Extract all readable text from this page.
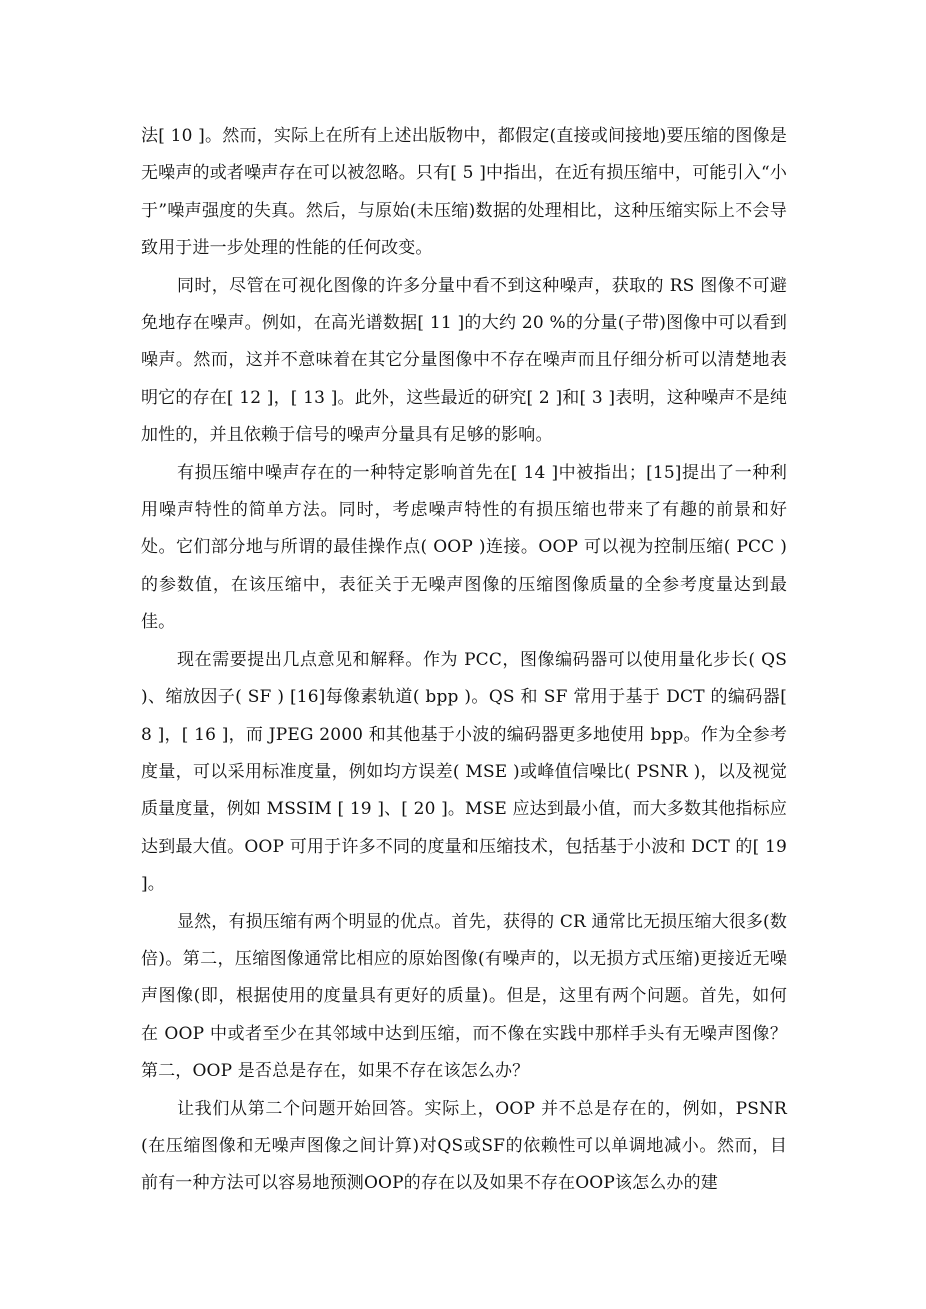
法[ 10 ]。然而，实际上在所有上述出版物中，都假定(直接或间接地)要压缩的图像是无噪声的或者噪声存在可以被忽略。只有[ 5 ]中指出，在近有损压缩中，可能引入“小于”噪声强度的失真。然后，与原始(未压缩)数据的处理相比，这种压缩实际上不会导致用于进一步处理的性能的任何改变。

同时，尽管在可视化图像的许多分量中看不到这种噪声，获取的 RS 图像不可避免地存在噪声。例如，在高光谱数据[ 11 ]的大约 20 %的分量(子带)图像中可以看到噪声。然而，这并不意味着在其它分量图像中不存在噪声而且仔细分析可以清楚地表明它的存在[ 12 ]，[ 13 ]。此外，这些最近的研究[ 2 ]和[ 3 ]表明，这种噪声不是纯加性的，并且依赖于信号的噪声分量具有足够的影响。

有损压缩中噪声存在的一种特定影响首先在[ 14 ]中被指出；[15]提出了一种利用噪声特性的简单方法。同时，考虑噪声特性的有损压缩也带来了有趣的前景和好处。它们部分地与所谓的最佳操作点( OOP )连接。OOP 可以视为控制压缩( PCC )的参数值，在该压缩中，表征关于无噪声图像的压缩图像质量的全参考度量达到最佳。

现在需要提出几点意见和解释。作为 PCC，图像编码器可以使用量化步长( QS )、缩放因子( SF ) [16]每像素轨道( bpp )。QS 和 SF 常用于基于 DCT 的编码器[ 8 ]，[ 16 ]，而 JPEG 2000 和其他基于小波的编码器更多地使用 bpp。作为全参考度量，可以采用标准度量，例如均方误差( MSE )或峰值信噪比( PSNR )，以及视觉质量度量，例如 MSSIM [ 19 ]、[ 20 ]。MSE 应达到最小值，而大多数其他指标应达到最大值。OOP 可用于许多不同的度量和压缩技术，包括基于小波和 DCT 的[ 19 ]。

显然，有损压缩有两个明显的优点。首先，获得的 CR 通常比无损压缩大很多(数倍)。第二，压缩图像通常比相应的原始图像(有噪声的，以无损方式压缩)更接近无噪声图像(即，根据使用的度量具有更好的质量)。但是，这里有两个问题。首先，如何在 OOP 中或者至少在其邻域中达到压缩，而不像在实践中那样手头有无噪声图像？第二，OOP 是否总是存在，如果不存在该怎么办？

让我们从第二个问题开始回答。实际上，OOP 并不总是存在的，例如，PSNR (在压缩图像和无噪声图像之间计算)对QS或SF的依赖性可以单调地减小。然而，目前有一种方法可以容易地预测OOP的存在以及如果不存在OOP该怎么办的建
